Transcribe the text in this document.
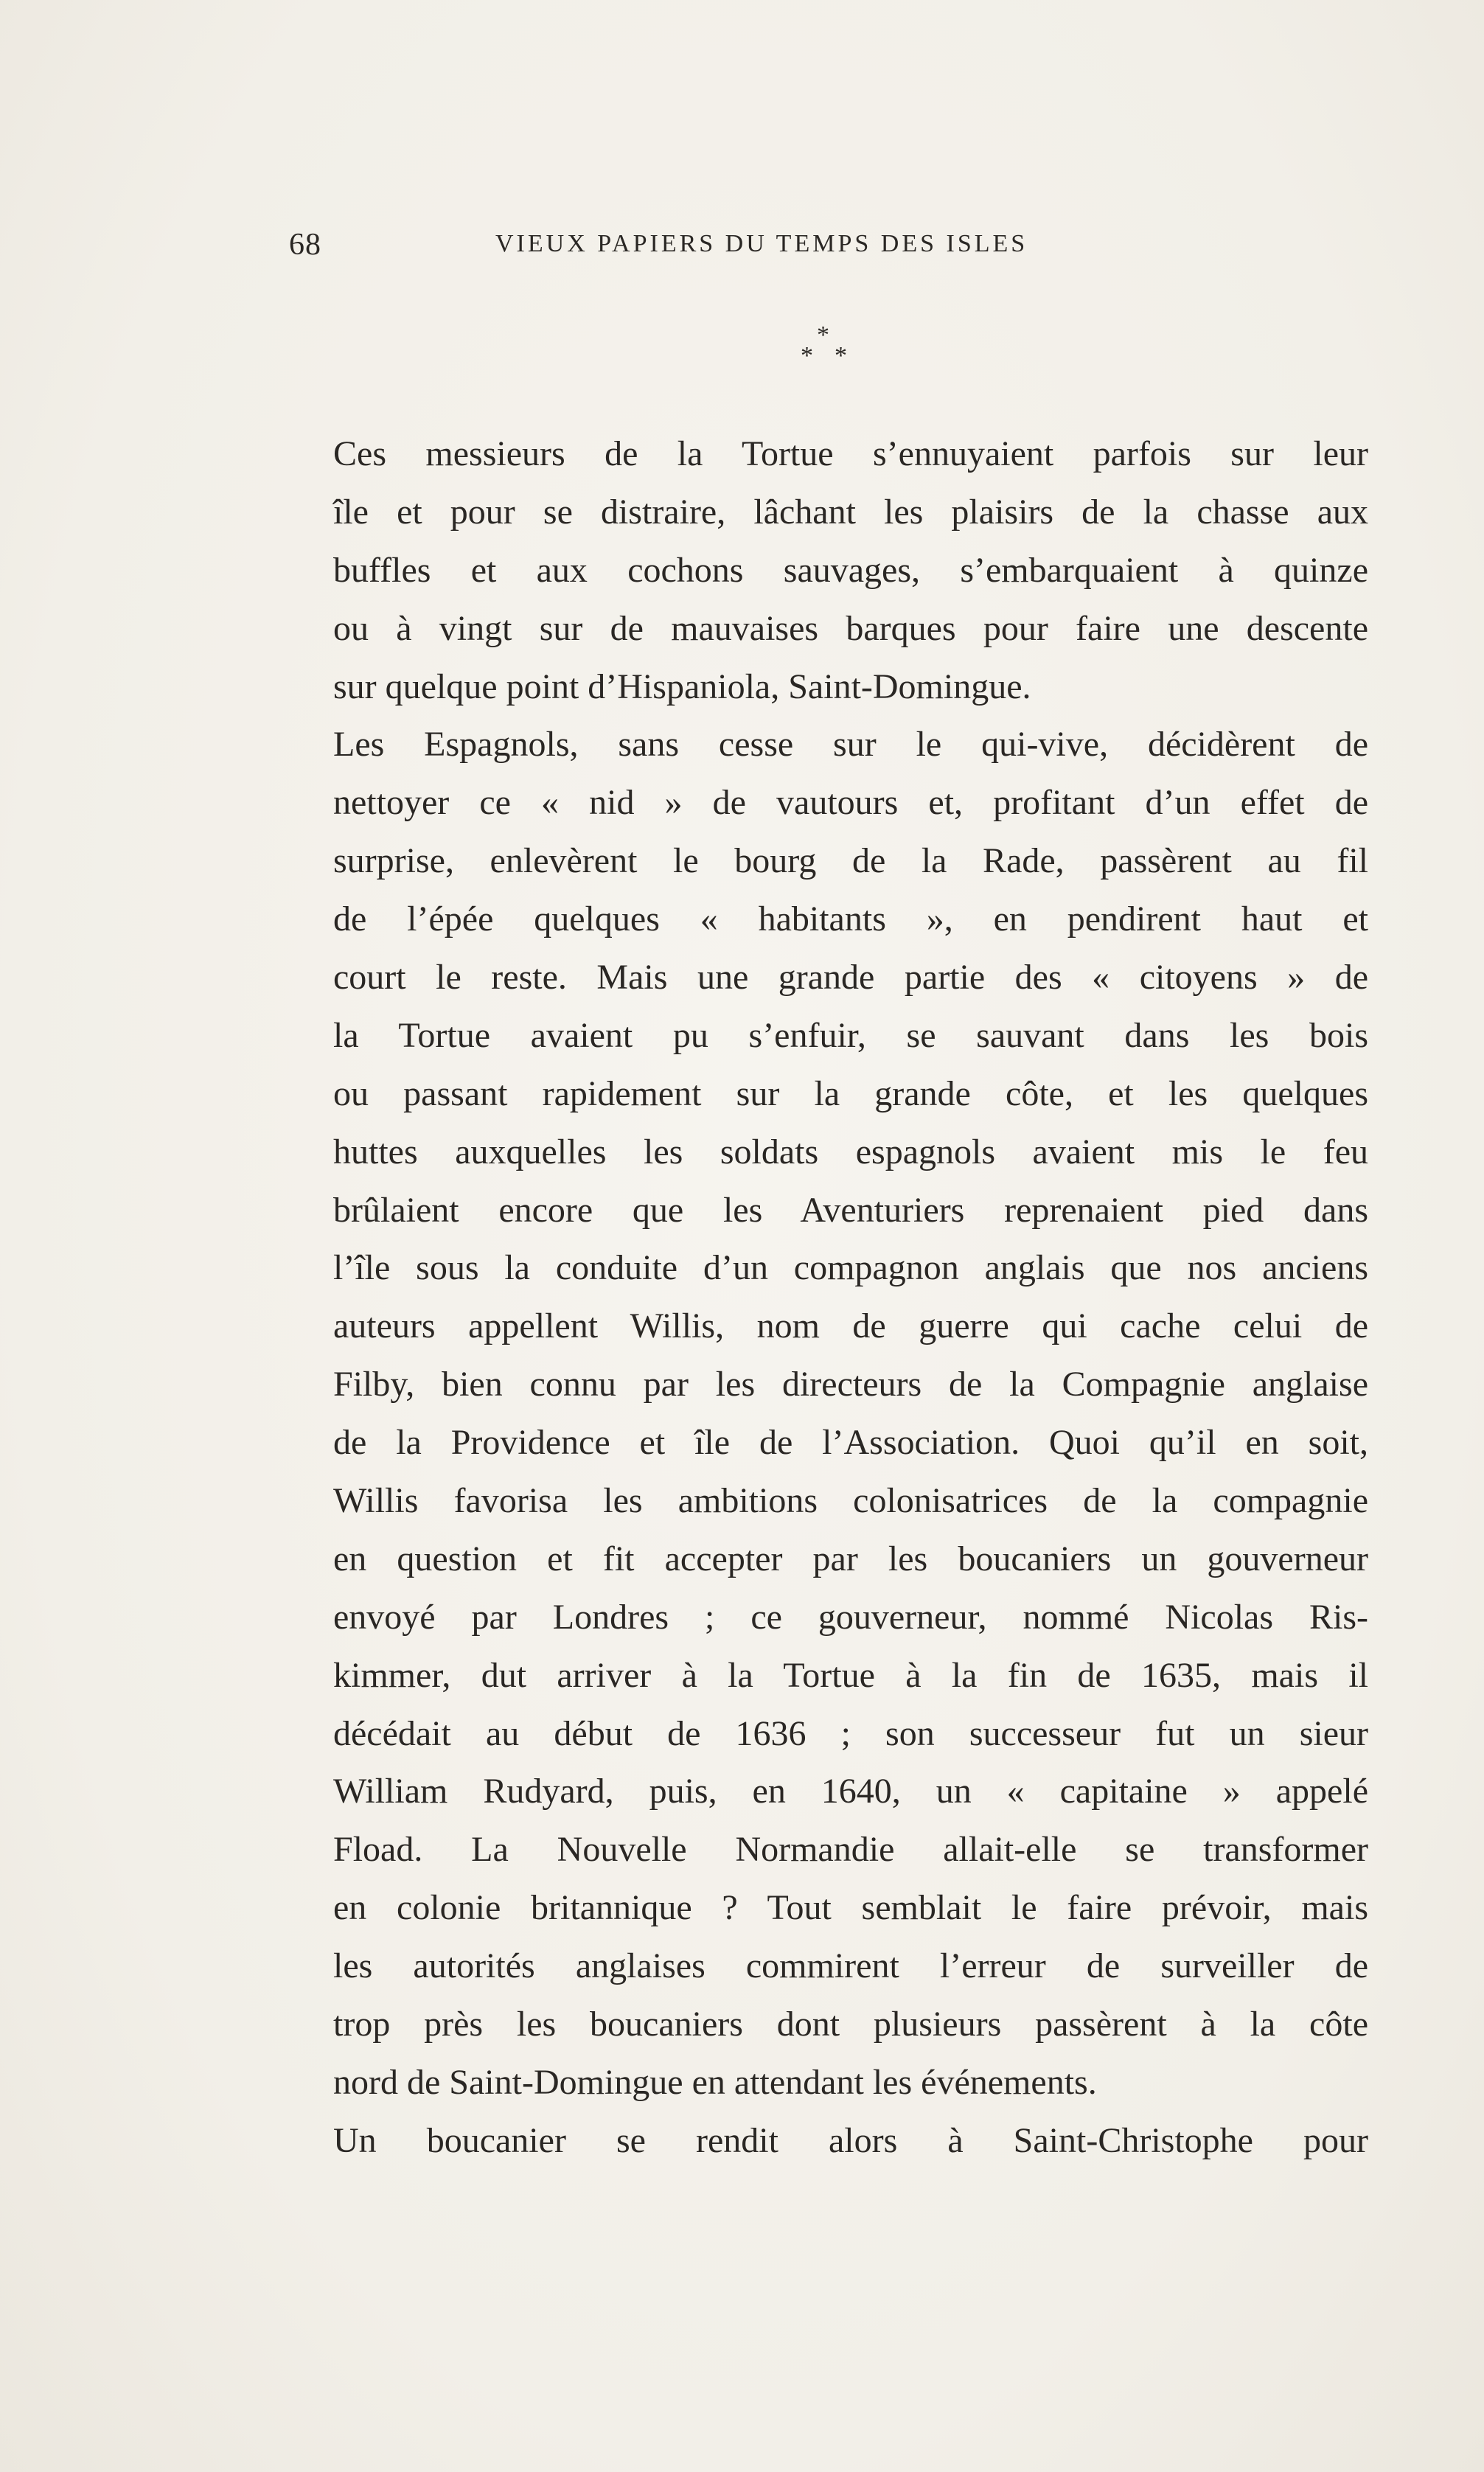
68	VIEUX PAPIERS DU TEMPS DES ISLES
*
* *

Ces messieurs de la Tortue s’ennuyaient parfois sur leur
île et pour se distraire, lâchant les plaisirs de la chasse aux
buffles et aux cochons sauvages, s’embarquaient à quinze
ou à vingt sur de mauvaises barques pour faire une descente
sur quelque point d’Hispaniola, Saint-Domingue.

Les Espagnols, sans cesse sur le qui-vive, décidèrent de
nettoyer ce « nid » de vautours et, profitant d’un effet de
surprise, enlevèrent le bourg de la Rade, passèrent au fil
de l’épée quelques « habitants », en pendirent haut et
court le reste. Mais une grande partie des « citoyens » de
la Tortue avaient pu s’enfuir, se sauvant dans les bois
ou passant rapidement sur la grande côte, et les quelques
huttes auxquelles les soldats espagnols avaient mis le feu
brûlaient encore que les Aventuriers reprenaient pied dans
l’île sous la conduite d’un compagnon anglais que nos anciens
auteurs appellent Willis, nom de guerre qui cache celui de
Filby, bien connu par les directeurs de la Compagnie anglaise
de la Providence et île de l’Association. Quoi qu’il en soit,
Willis favorisa les ambitions colonisatrices de la compagnie
en question et fit accepter par les boucaniers un gouverneur
envoyé par Londres ; ce gouverneur, nommé Nicolas Ris-
kimmer, dut arriver à la Tortue à la fin de 1635, mais il
décédait au début de 1636 ; son successeur fut un sieur
William Rudyard, puis, en 1640, un « capitaine » appelé
Fload. La Nouvelle Normandie allait-elle se transformer
en colonie britannique ? Tout semblait le faire prévoir, mais
les autorités anglaises commirent l’erreur de surveiller de
trop près les boucaniers dont plusieurs passèrent à la côte
nord de Saint-Domingue en attendant les événements.

Un boucanier se rendit alors à Saint-Christophe pour
